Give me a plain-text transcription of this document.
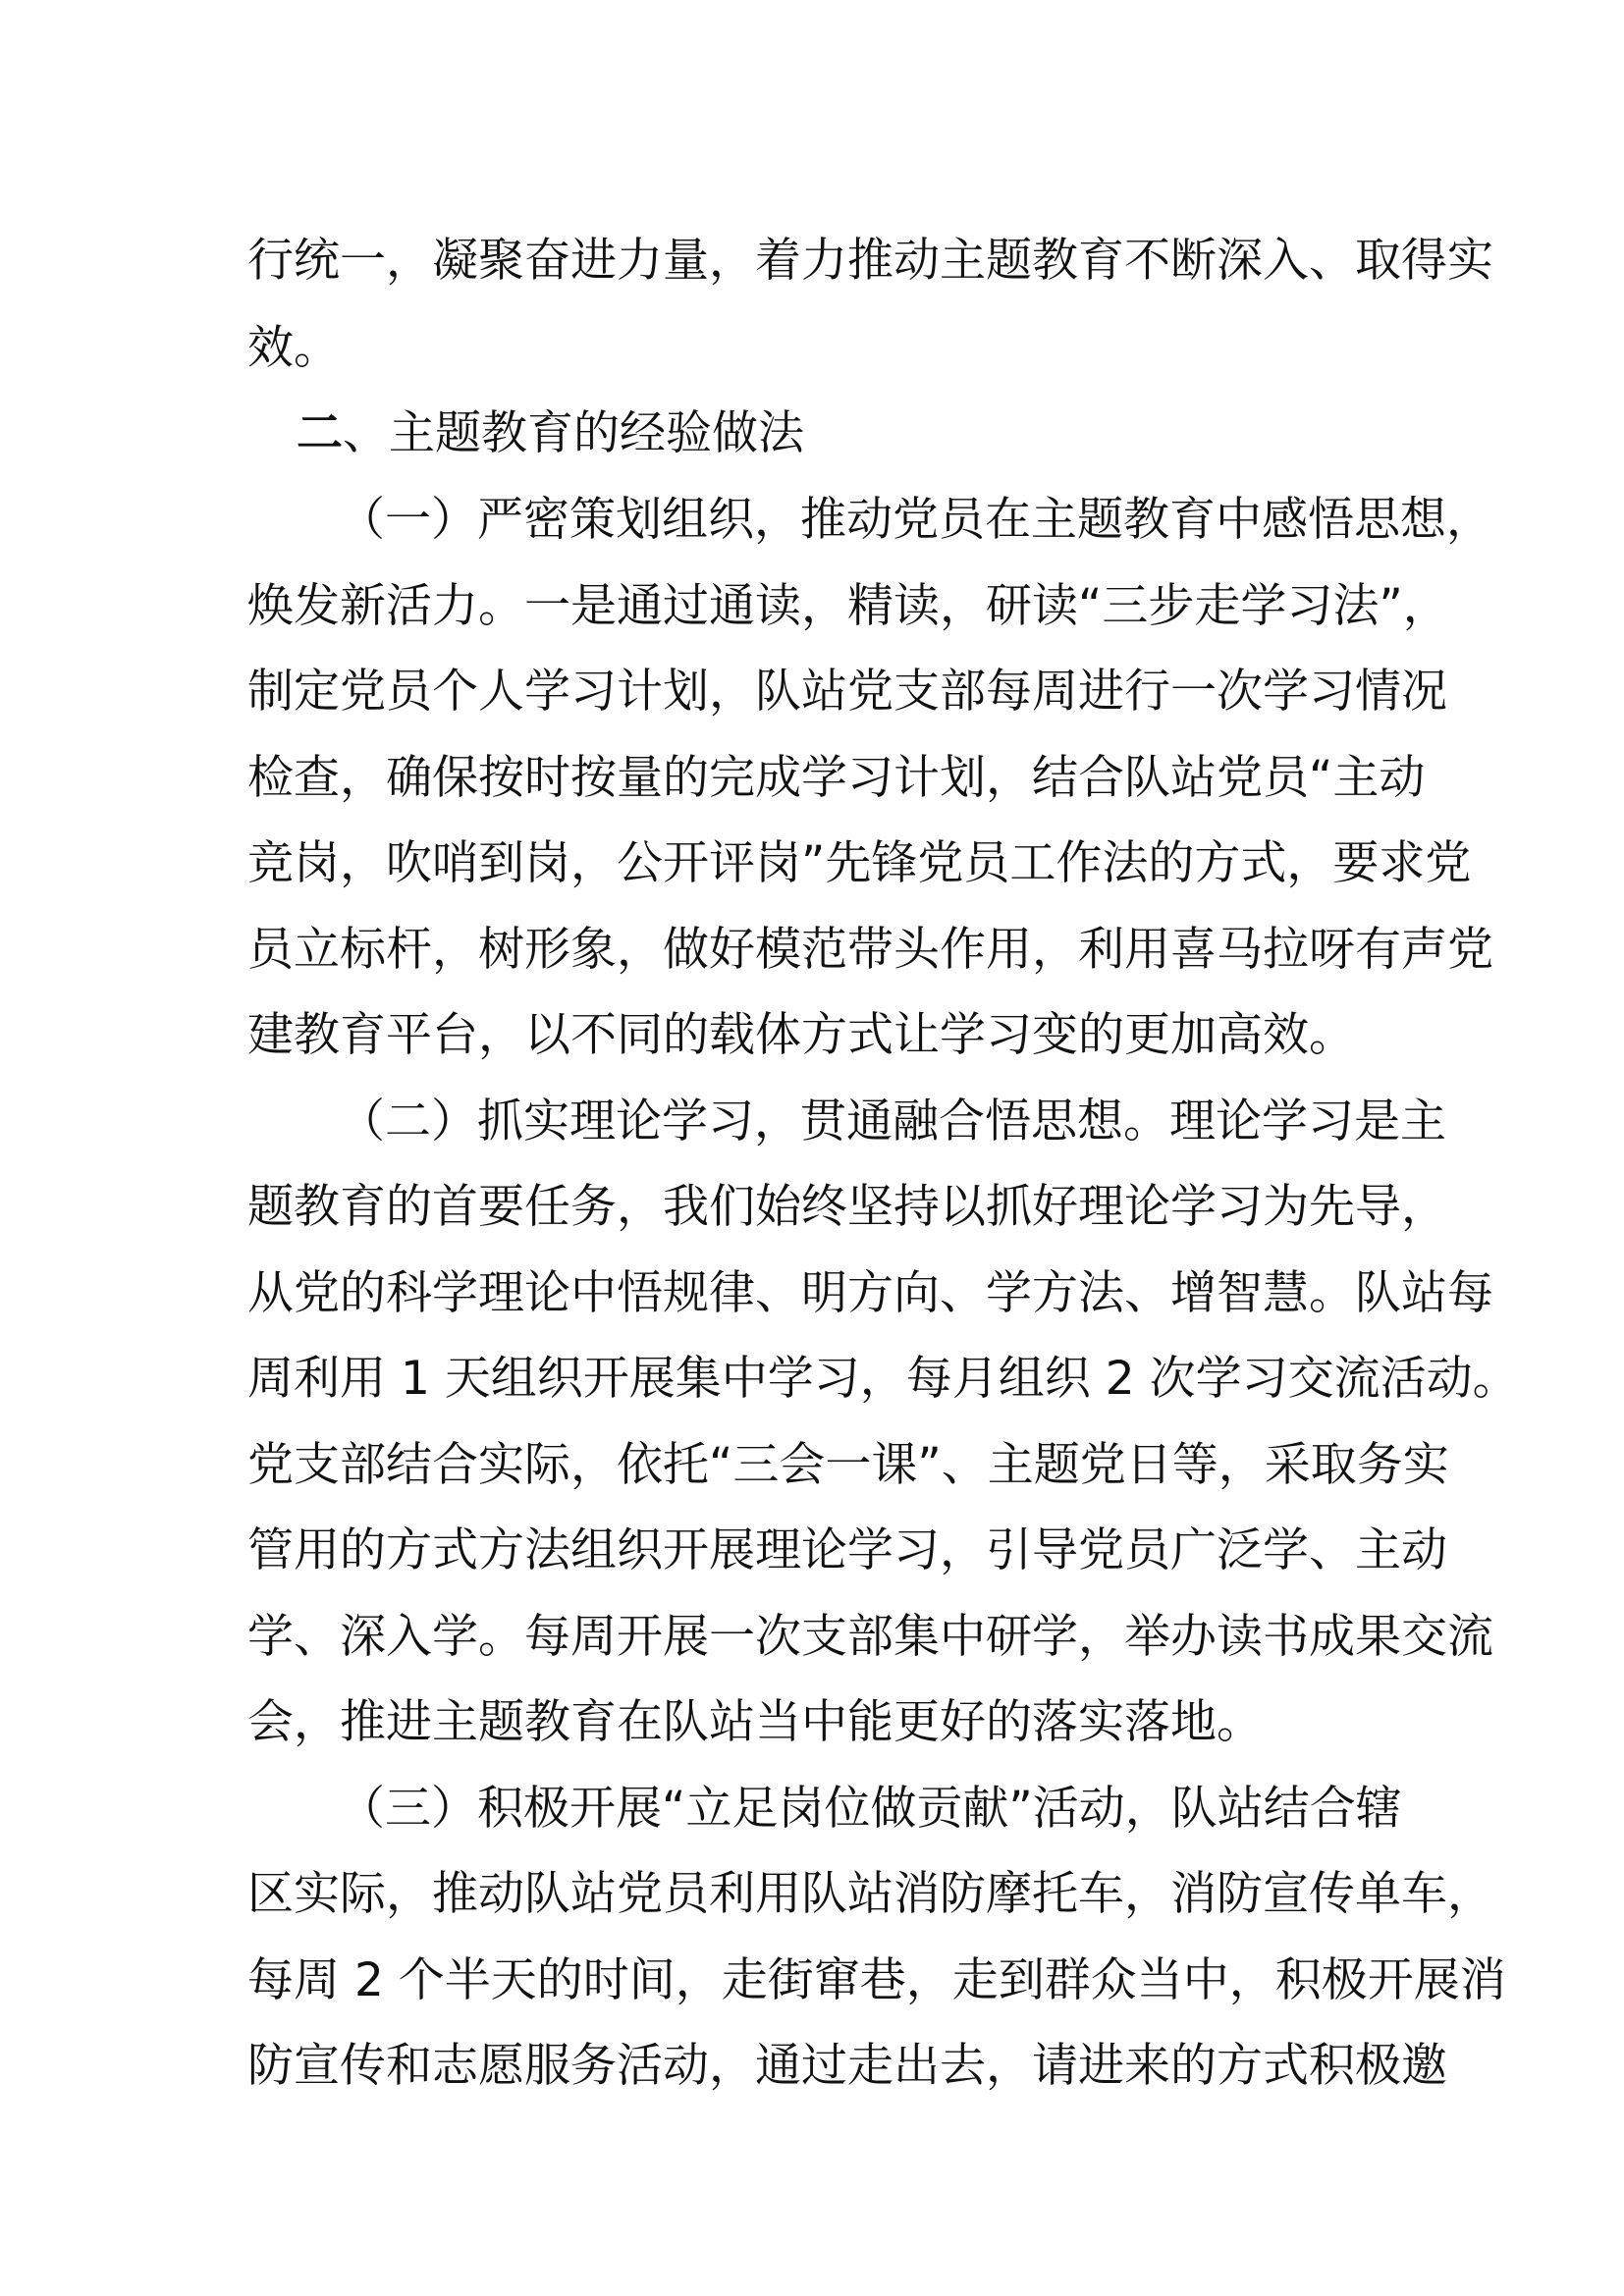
行统一，凝聚奋进力量，着力推动主题教育不断深入、取得实
效。
二、主题教育的经验做法
（一）严密策划组织，推动党员在主题教育中感悟思想，
焕发新活力。一是通过通读，精读，研读“三步走学习法”，
制定党员个人学习计划，队站党支部每周进行一次学习情况
检查，确保按时按量的完成学习计划，结合队站党员“主动
竞岗，吹哨到岗，公开评岗”先锋党员工作法的方式，要求党
员立标杆，树形象，做好模范带头作用，利用喜马拉呀有声党
建教育平台，以不同的载体方式让学习变的更加高效。
（二）抓实理论学习，贯通融合悟思想。理论学习是主
题教育的首要任务，我们始终坚持以抓好理论学习为先导，
从党的科学理论中悟规律、明方向、学方法、增智慧。队站每
周利用 1 天组织开展集中学习，每月组织 2 次学习交流活动。
党支部结合实际，依托“三会一课”、主题党日等，采取务实
管用的方式方法组织开展理论学习，引导党员广泛学、主动
学、深入学。每周开展一次支部集中研学，举办读书成果交流
会，推进主题教育在队站当中能更好的落实落地。
（三）积极开展“立足岗位做贡献”活动，队站结合辖
区实际，推动队站党员利用队站消防摩托车，消防宣传单车，
每周 2 个半天的时间，走街窜巷，走到群众当中，积极开展消
防宣传和志愿服务活动，通过走出去，请进来的方式积极邀
